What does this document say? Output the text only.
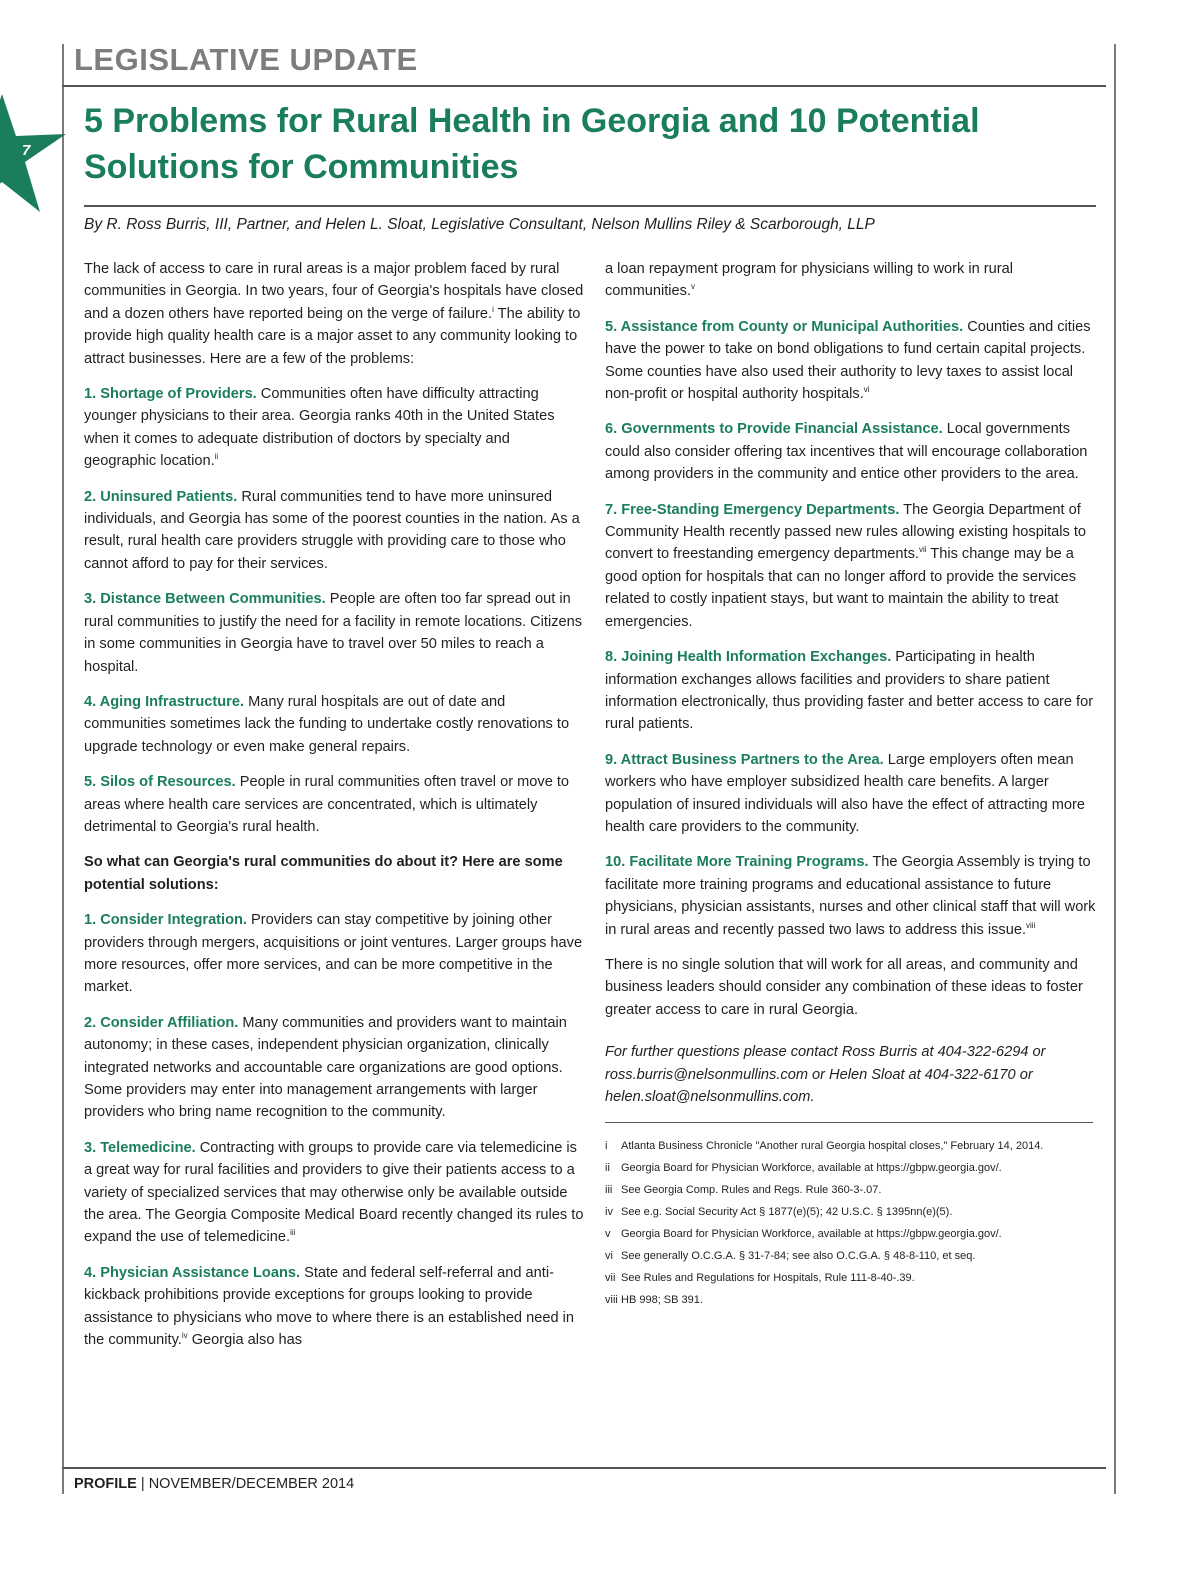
LEGISLATIVE UPDATE
7
5 Problems for Rural Health in Georgia and 10 Potential Solutions for Communities

By R. Ross Burris, III, Partner, and Helen L. Sloat, Legislative Consultant, Nelson Mullins Riley & Scarborough, LLP

The lack of access to care in rural areas is a major problem faced by rural communities in Georgia. In two years, four of Georgia's hospitals have closed and a dozen others have reported being on the verge of failure.$^i$ The ability to provide high quality health care is a major asset to any community looking to attract businesses. Here are a few of the problems:

1. Shortage of Providers. Communities often have difficulty attracting younger physicians to their area. Georgia ranks 40th in the United States when it comes to adequate distribution of doctors by specialty and geographic location.$^{ii}$

2. Uninsured Patients. Rural communities tend to have more uninsured individuals, and Georgia has some of the poorest counties in the nation. As a result, rural health care providers struggle with providing care to those who cannot afford to pay for their services.

3. Distance Between Communities. People are often too far spread out in rural communities to justify the need for a facility in remote locations. Citizens in some communities in Georgia have to travel over 50 miles to reach a hospital.

4. Aging Infrastructure. Many rural hospitals are out of date and communities sometimes lack the funding to undertake costly renovations to upgrade technology or even make general repairs.

5. Silos of Resources. People in rural communities often travel or move to areas where health care services are concentrated, which is ultimately detrimental to Georgia's rural health.

So what can Georgia's rural communities do about it? Here are some potential solutions:

1. Consider Integration. Providers can stay competitive by joining other providers through mergers, acquisitions or joint ventures. Larger groups have more resources, offer more services, and can be more competitive in the market.

2. Consider Affiliation. Many communities and providers want to maintain autonomy; in these cases, independent physician organization, clinically integrated networks and accountable care organizations are good options. Some providers may enter into management arrangements with larger providers who bring name recognition to the community.

3. Telemedicine. Contracting with groups to provide care via telemedicine is a great way for rural facilities and providers to give their patients access to a variety of specialized services that may otherwise only be available outside the area. The Georgia Composite Medical Board recently changed its rules to expand the use of telemedicine.$^{iii}$

4. Physician Assistance Loans. State and federal self-referral and anti-kickback prohibitions provide exceptions for groups looking to provide assistance to physicians who move to where there is an established need in the community.$^{iv}$ Georgia also has

a loan repayment program for physicians willing to work in rural communities.$^v$

5. Assistance from County or Municipal Authorities. Counties and cities have the power to take on bond obligations to fund certain capital projects. Some counties have also used their authority to levy taxes to assist local non-profit or hospital authority hospitals.$^{vi}$

6. Governments to Provide Financial Assistance. Local governments could also consider offering tax incentives that will encourage collaboration among providers in the community and entice other providers to the area.

7. Free-Standing Emergency Departments. The Georgia Department of Community Health recently passed new rules allowing existing hospitals to convert to freestanding emergency departments.$^{vii}$ This change may be a good option for hospitals that can no longer afford to provide the services related to costly inpatient stays, but want to maintain the ability to treat emergencies.

8. Joining Health Information Exchanges. Participating in health information exchanges allows facilities and providers to share patient information electronically, thus providing faster and better access to care for rural patients.

9. Attract Business Partners to the Area. Large employers often mean workers who have employer subsidized health care benefits. A larger population of insured individuals will also have the effect of attracting more health care providers to the community.

10. Facilitate More Training Programs. The Georgia Assembly is trying to facilitate more training programs and educational assistance to future physicians, physician assistants, nurses and other clinical staff that will work in rural areas and recently passed two laws to address this issue.$^{viii}$

There is no single solution that will work for all areas, and community and business leaders should consider any combination of these ideas to foster greater access to care in rural Georgia.

For further questions please contact Ross Burris at 404-322-6294 or ross.burris@nelsonmullins.com or Helen Sloat at 404-322-6170 or helen.sloat@nelsonmullins.com.

i	Atlanta Business Chronicle "Another rural Georgia hospital closes," February 14, 2014.
ii	Georgia Board for Physician Workforce, available at https://gbpw.georgia.gov/.
iii See Georgia Comp. Rules and Regs. Rule 360-3-.07.
iv See e.g. Social Security Act § 1877(e)(5); 42 U.S.C. § 1395nn(e)(5).
v Georgia Board for Physician Workforce, available at https://gbpw.georgia.gov/.
vi See generally O.C.G.A. § 31-7-84; see also O.C.G.A. § 48-8-110, et seq.
vii See Rules and Regulations for Hospitals, Rule 111-8-40-.39.
viii HB 998; SB 391.
PROFILE | NOVEMBER/DECEMBER 2014
